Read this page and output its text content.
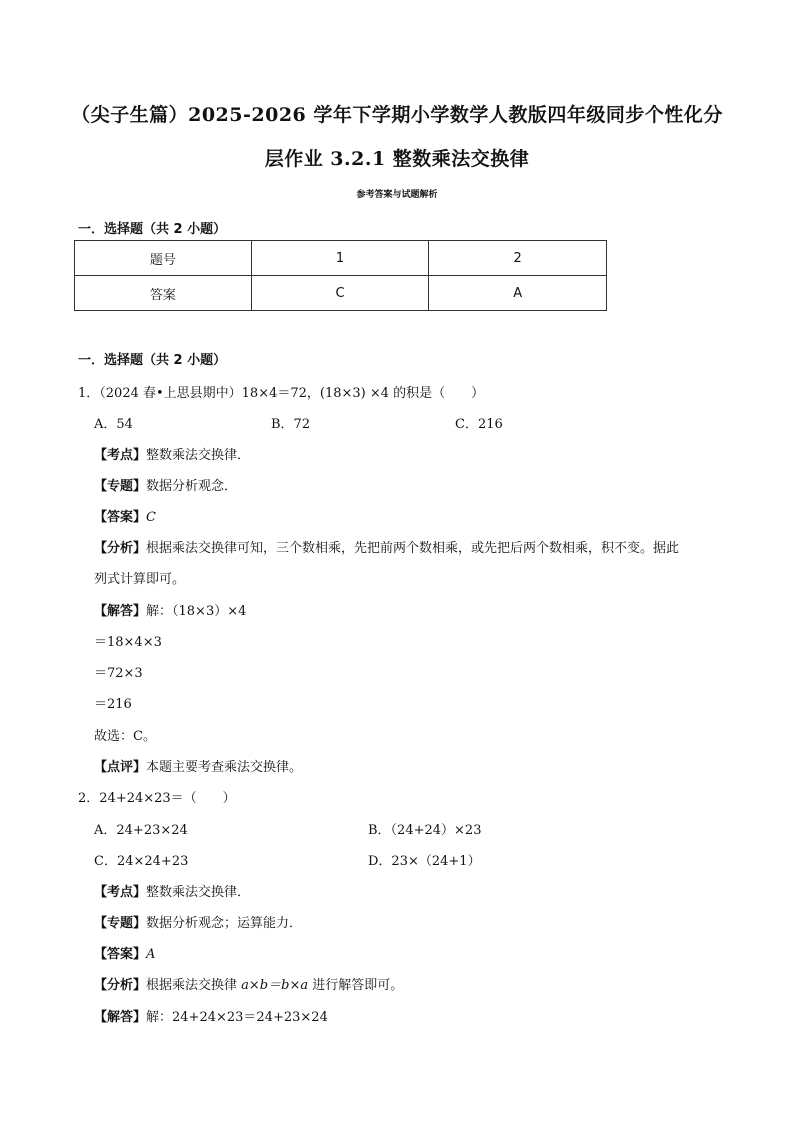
（尖子生篇）2025-2026 学年下学期小学数学人教版四年级同步个性化分
层作业 3.2.1 整数乘法交换律
参考答案与试题解析
一．选择题（共 2 小题）
题号	1	2
答案	C	A
一．选择题（共 2 小题）
1．（2024 春•上思县期中）18×4＝72，(18×3) ×4 的积是（　　）
A．54	B．72	C．216
【考点】整数乘法交换律．
【专题】数据分析观念．
【答案】C
【分析】根据乘法交换律可知，三个数相乘，先把前两个数相乘，或先把后两个数相乘，积不变。据此
列式计算即可。
【解答】解：（18×3）×4
＝18×4×3
＝72×3
＝216
故选：C。
【点评】本题主要考查乘法交换律。
2．24+24×23＝（　　）
A．24+23×24	B．（24+24）×23
C．24×24+23	D．23×（24+1）
【考点】整数乘法交换律．
【专题】数据分析观念；运算能力．
【答案】A
【分析】根据乘法交换律 a×b＝b×a 进行解答即可。
【解答】解：24+24×23＝24+23×24
